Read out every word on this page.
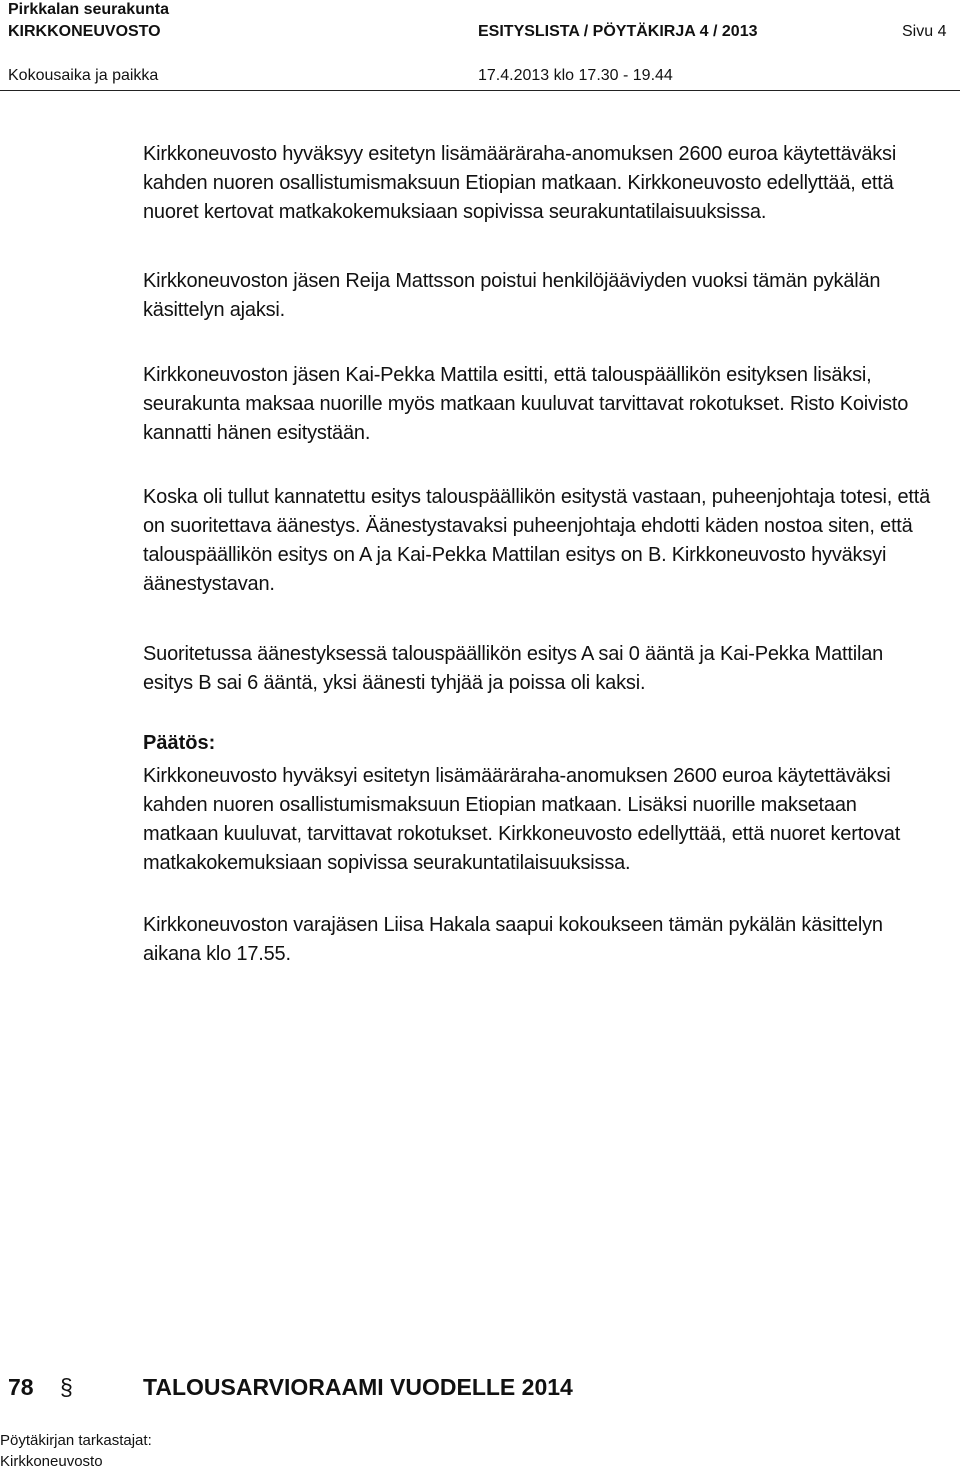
Pirkkalan seurakunta
KIRKKONEUVOSTO	ESITYSLISTA / PÖYTÄKIRJA 4 / 2013	Sivu 4
Kokousaika ja paikka	17.4.2013 klo 17.30 - 19.44

Kirkkoneuvosto hyväksyy esitetyn lisämääräraha-anomuksen 2600 euroa käytettäväksi kahden nuoren osallistumismaksuun Etiopian matkaan. Kirkkoneuvosto edellyttää, että nuoret kertovat matkakokemuksiaan sopivissa seurakuntatilaisuuksissa.

Kirkkoneuvoston jäsen Reija Mattsson poistui henkilöjääviyden vuoksi tämän pykälän käsittelyn ajaksi.

Kirkkoneuvoston jäsen Kai-Pekka Mattila esitti, että talouspäällikön esityksen lisäksi, seurakunta maksaa nuorille myös matkaan kuuluvat tarvittavat rokotukset. Risto Koivisto kannatti hänen esitystään.

Koska oli tullut kannatettu esitys talouspäällikön esitystä vastaan, puheenjohtaja totesi, että on suoritettava äänestys. Äänestystavaksi puheenjohtaja ehdotti käden nostoa siten, että talouspäällikön esitys on A ja Kai-Pekka Mattilan esitys on B. Kirkkoneuvosto hyväksyi äänestystavan.

Suoritetussa äänestyksessä talouspäällikön esitys A sai 0 ääntä ja Kai-Pekka Mattilan esitys B sai 6 ääntä, yksi äänesti tyhjää ja poissa oli kaksi.

Päätös:

Kirkkoneuvosto hyväksyi esitetyn lisämääräraha-anomuksen 2600 euroa käytettäväksi kahden nuoren osallistumismaksuun Etiopian matkaan. Lisäksi nuorille maksetaan matkaan kuuluvat, tarvittavat rokotukset. Kirkkoneuvosto edellyttää, että nuoret kertovat matkakokemuksiaan sopivissa seurakuntatilaisuuksissa.

Kirkkoneuvoston varajäsen Liisa Hakala saapui kokoukseen tämän pykälän käsittelyn aikana klo 17.55.

78 §	TALOUSARVIORAAMI VUODELLE 2014
Pöytäkirjan tarkastajat:
Kirkkoneuvosto
